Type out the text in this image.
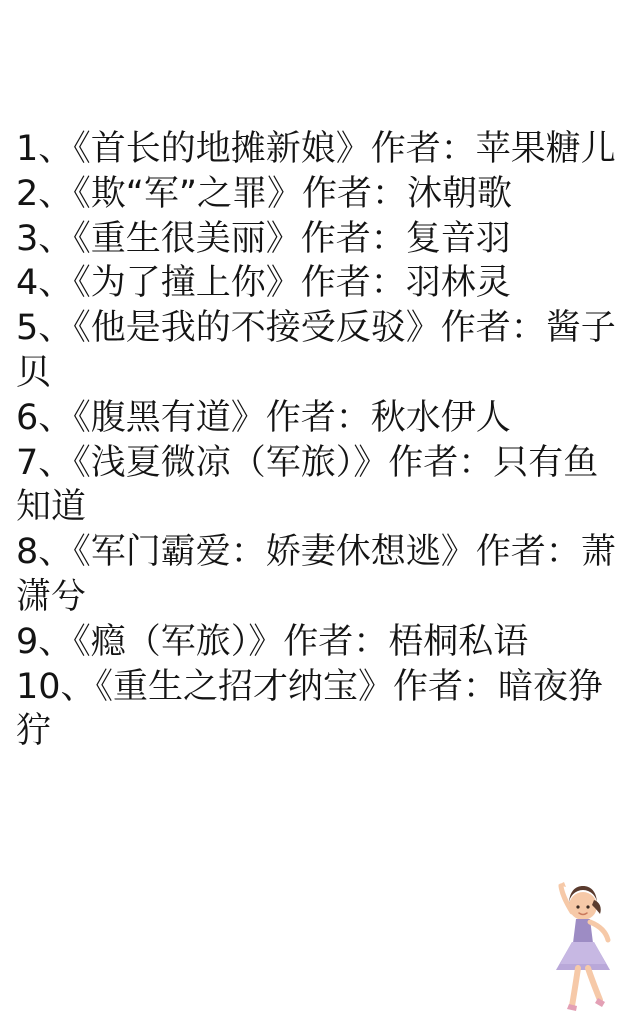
好看的军婚文
1、《首长的地摊新娘》作者：苹果糖儿
2、《欺“军”之罪》作者：沐朝歌
3、《重生很美丽》作者：复音羽
4、《为了撞上你》作者：羽林灵
5、《他是我的不接受反驳》作者：酱子贝
6、《腹黑有道》作者：秋水伊人
7、《浅夏微凉（军旅）》作者：只有鱼知道
8、《军门霸爱：娇妻休想逃》作者：萧潇兮
9、《瘾（军旅）》作者：梧桐私语
10、《重生之招才纳宝》作者：暗夜狰狞
